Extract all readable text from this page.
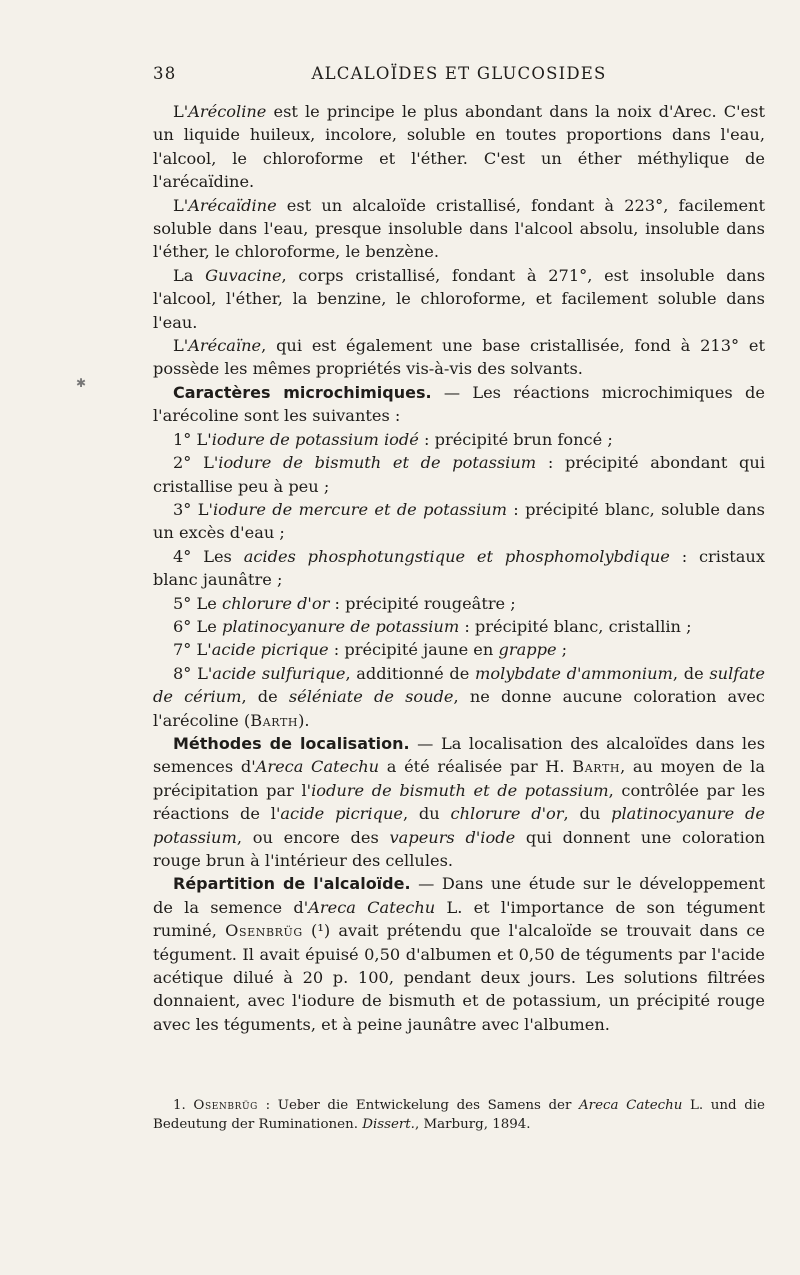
38	ALCALOÏDES ET GLUCOSIDES
✱

L'Arécoline est le principe le plus abondant dans la noix d'Arec. C'est un liquide huileux, incolore, soluble en toutes proportions dans l'eau, l'alcool, le chloroforme et l'éther. C'est un éther méthylique de l'arécaïdine.

L'Arécaïdine est un alcaloïde cristallisé, fondant à 223°, facilement soluble dans l'eau, presque insoluble dans l'alcool absolu, insoluble dans l'éther, le chloroforme, le benzène.

La Guvacine, corps cristallisé, fondant à 271°, est insoluble dans l'alcool, l'éther, la benzine, le chloroforme, et facilement soluble dans l'eau.

L'Arécaïne, qui est également une base cristallisée, fond à 213° et possède les mêmes propriétés vis-à-vis des solvants.

Caractères microchimiques. — Les réactions microchimiques de l'arécoline sont les suivantes :

1° L'iodure de potassium iodé : précipité brun foncé ;

2° L'iodure de bismuth et de potassium : précipité abondant qui cristallise peu à peu ;

3° L'iodure de mercure et de potassium : précipité blanc, soluble dans un excès d'eau ;

4° Les acides phosphotungstique et phosphomolybdique : cristaux blanc jaunâtre ;

5° Le chlorure d'or : précipité rougeâtre ;

6° Le platinocyanure de potassium : précipité blanc, cristallin ;

7° L'acide picrique : précipité jaune en grappe ;

8° L'acide sulfurique, additionné de molybdate d'ammonium, de sulfate de cérium, de séléniate de soude, ne donne aucune coloration avec l'arécoline (Barth).

Méthodes de localisation. — La localisation des alcaloïdes dans les semences d'Areca Catechu a été réalisée par H. Barth, au moyen de la précipitation par l'iodure de bismuth et de potassium, contrôlée par les réactions de l'acide picrique, du chlorure d'or, du platinocyanure de potassium, ou encore des vapeurs d'iode qui donnent une coloration rouge brun à l'intérieur des cellules.

Répartition de l'alcaloïde. — Dans une étude sur le développement de la semence d'Areca Catechu L. et l'importance de son tégument ruminé, Osenbrüg (¹) avait prétendu que l'alcaloïde se trouvait dans ce tégument. Il avait épuisé 0,50 d'albumen et 0,50 de téguments par l'acide acétique dilué à 20 p. 100, pendant deux jours. Les solutions filtrées donnaient, avec l'iodure de bismuth et de potassium, un précipité rouge avec les téguments, et à peine jaunâtre avec l'albumen.

1. Osenbrüg : Ueber die Entwickelung des Samens der Areca Catechu L. und die Bedeutung der Ruminationen. Dissert., Marburg, 1894.
